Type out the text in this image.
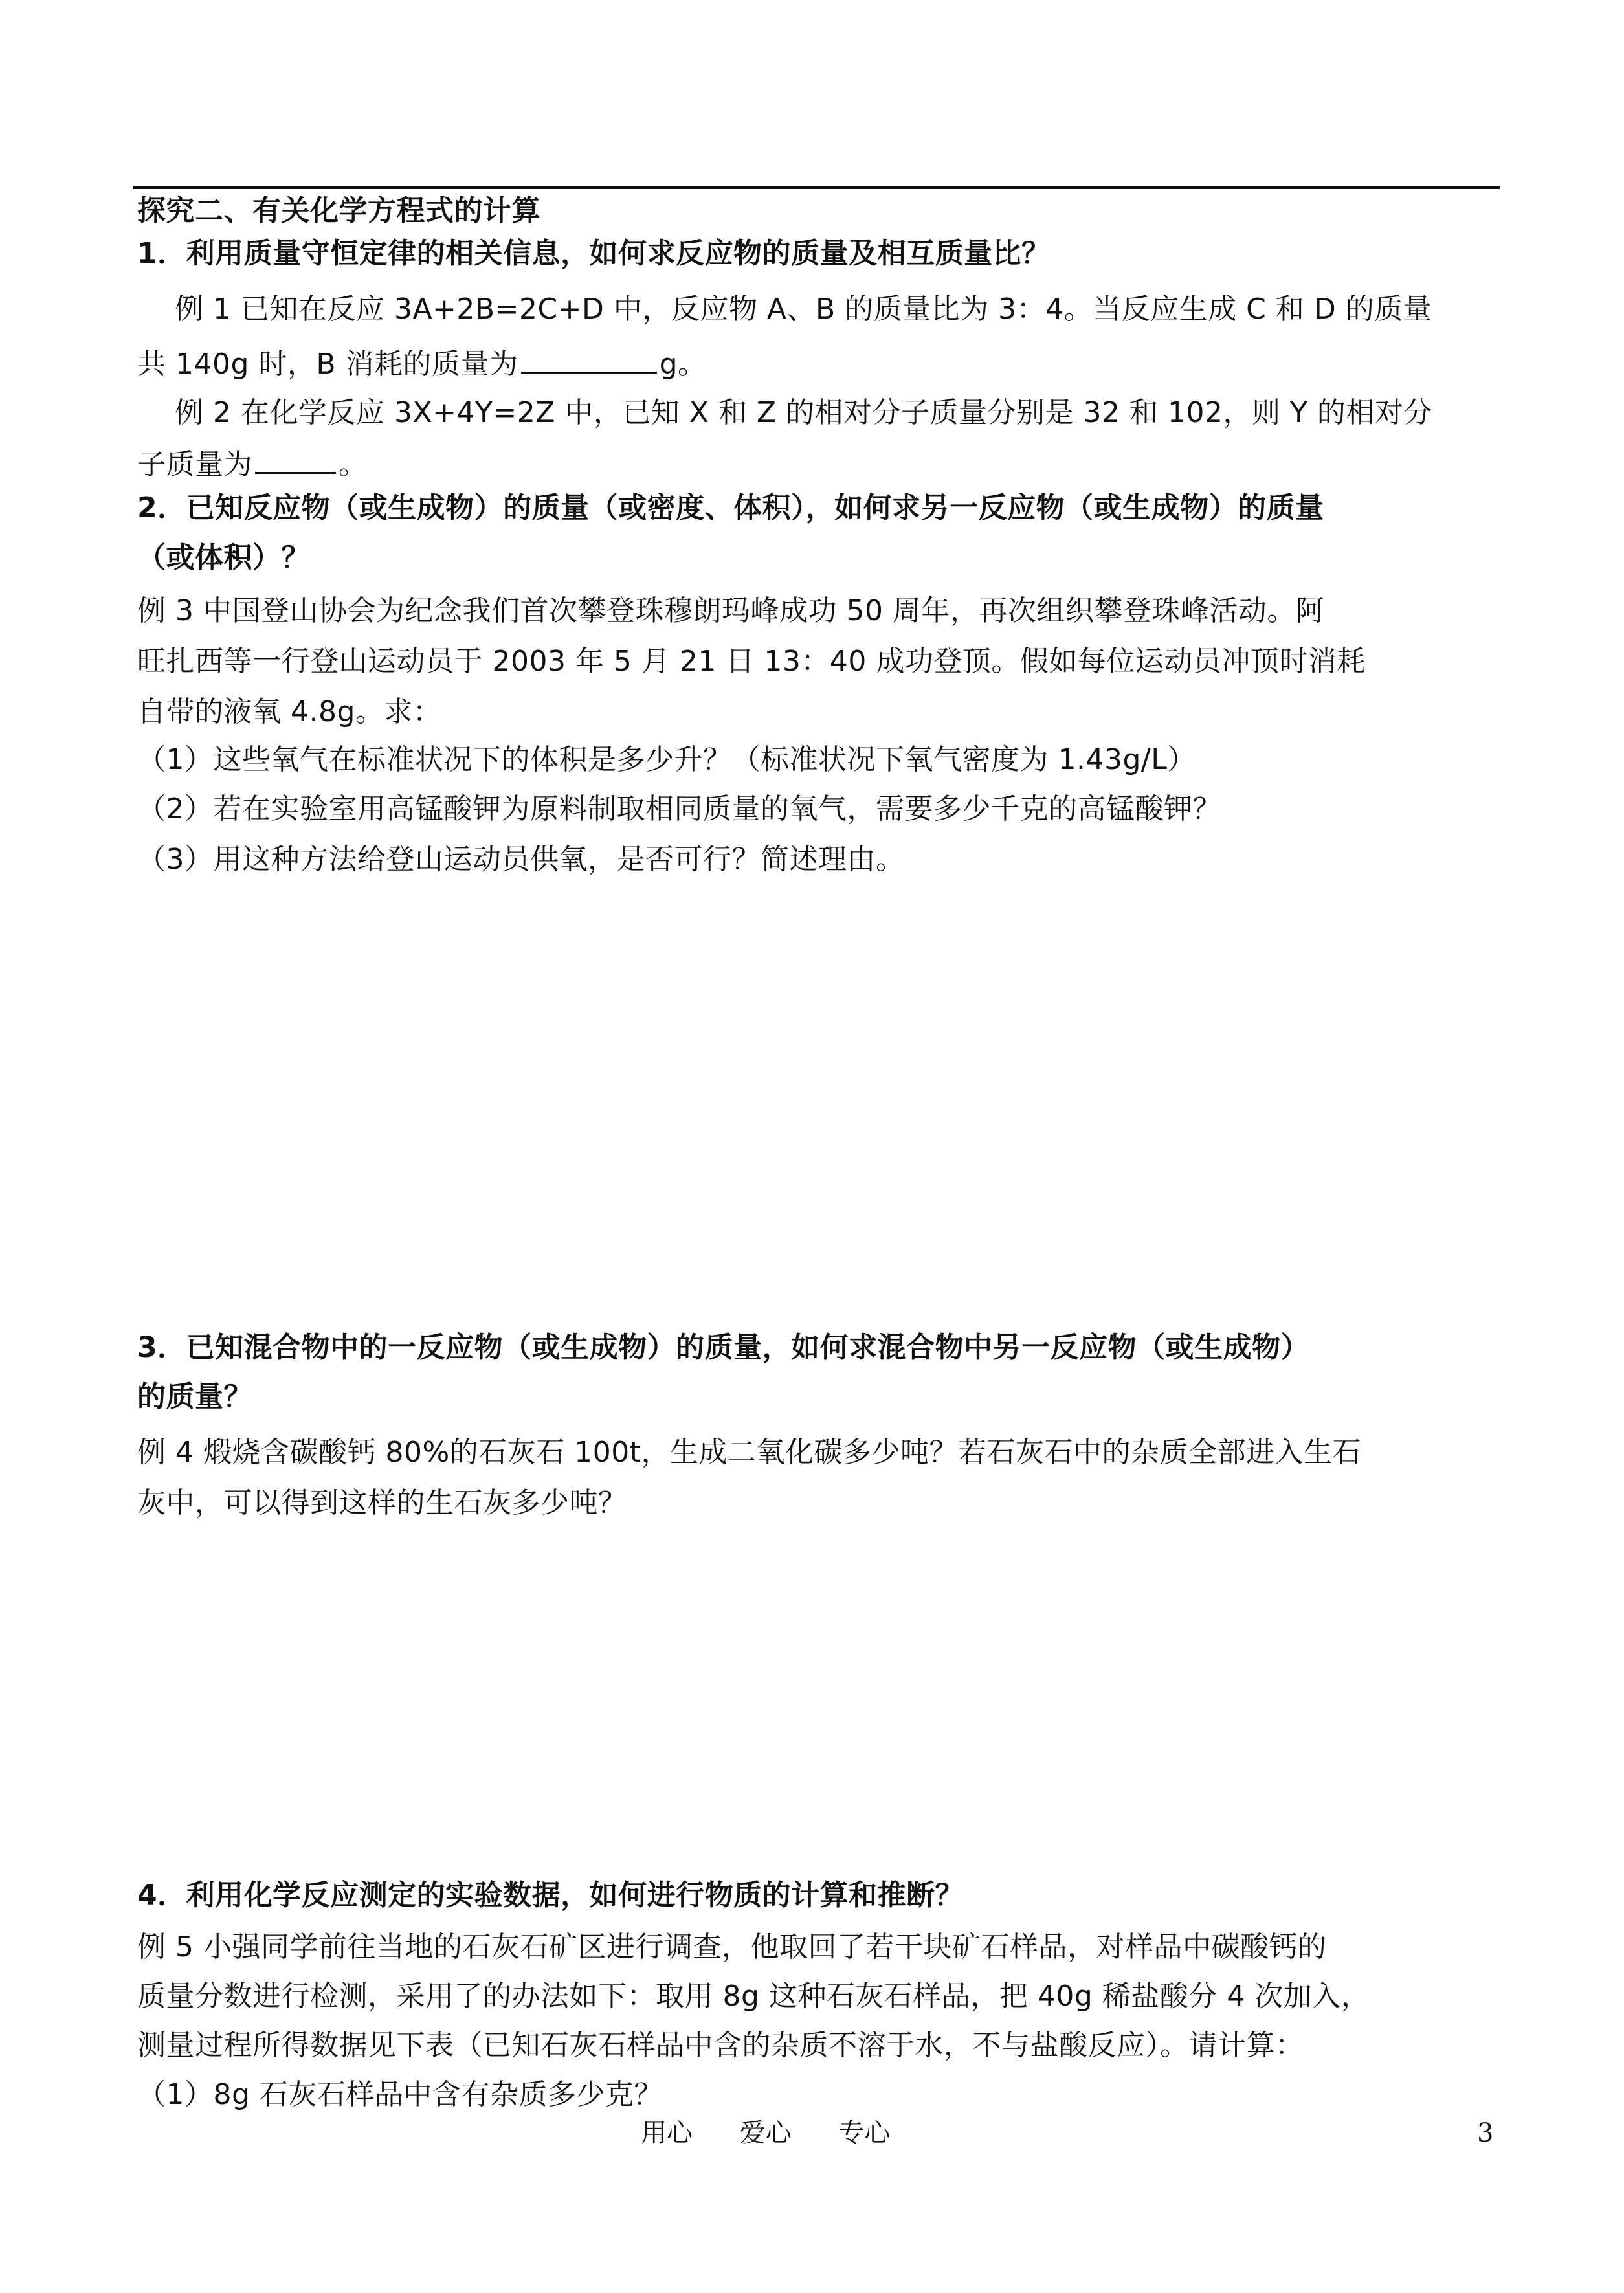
探究二、有关化学方程式的计算
1．利用质量守恒定律的相关信息，如何求反应物的质量及相互质量比？
例 1 已知在反应 3A+2B=2C+D 中，反应物 A、B 的质量比为 3：4。当反应生成 C 和 D 的质量
共 140g 时，B 消耗的质量为	g。
例 2 在化学反应 3X+4Y=2Z 中，已知 X 和 Z 的相对分子质量分别是 32 和 102，则 Y 的相对分
子质量为	。
2．已知反应物（或生成物）的质量（或密度、体积），如何求另一反应物（或生成物）的质量
（或体积）？
例 3 中国登山协会为纪念我们首次攀登珠穆朗玛峰成功 50 周年，再次组织攀登珠峰活动。阿
旺扎西等一行登山运动员于 2003 年 5 月 21 日 13：40 成功登顶。假如每位运动员冲顶时消耗
自带的液氧 4.8g。求：
（1）这些氧气在标准状况下的体积是多少升？（标准状况下氧气密度为 1.43g/L）
（2）若在实验室用高锰酸钾为原料制取相同质量的氧气，需要多少千克的高锰酸钾？
（3）用这种方法给登山运动员供氧，是否可行？简述理由。
3．已知混合物中的一反应物（或生成物）的质量，如何求混合物中另一反应物（或生成物）
的质量？
例 4 煅烧含碳酸钙 80%的石灰石 100t，生成二氧化碳多少吨？若石灰石中的杂质全部进入生石
灰中，可以得到这样的生石灰多少吨？
4．利用化学反应测定的实验数据，如何进行物质的计算和推断？
例 5 小强同学前往当地的石灰石矿区进行调查，他取回了若干块矿石样品，对样品中碳酸钙的
质量分数进行检测，采用了的办法如下：取用 8g 这种石灰石样品，把 40g 稀盐酸分 4 次加入，
测量过程所得数据见下表（已知石灰石样品中含的杂质不溶于水，不与盐酸反应）。请计算：
（1）8g 石灰石样品中含有杂质多少克？
用心 爱心 专心	3
